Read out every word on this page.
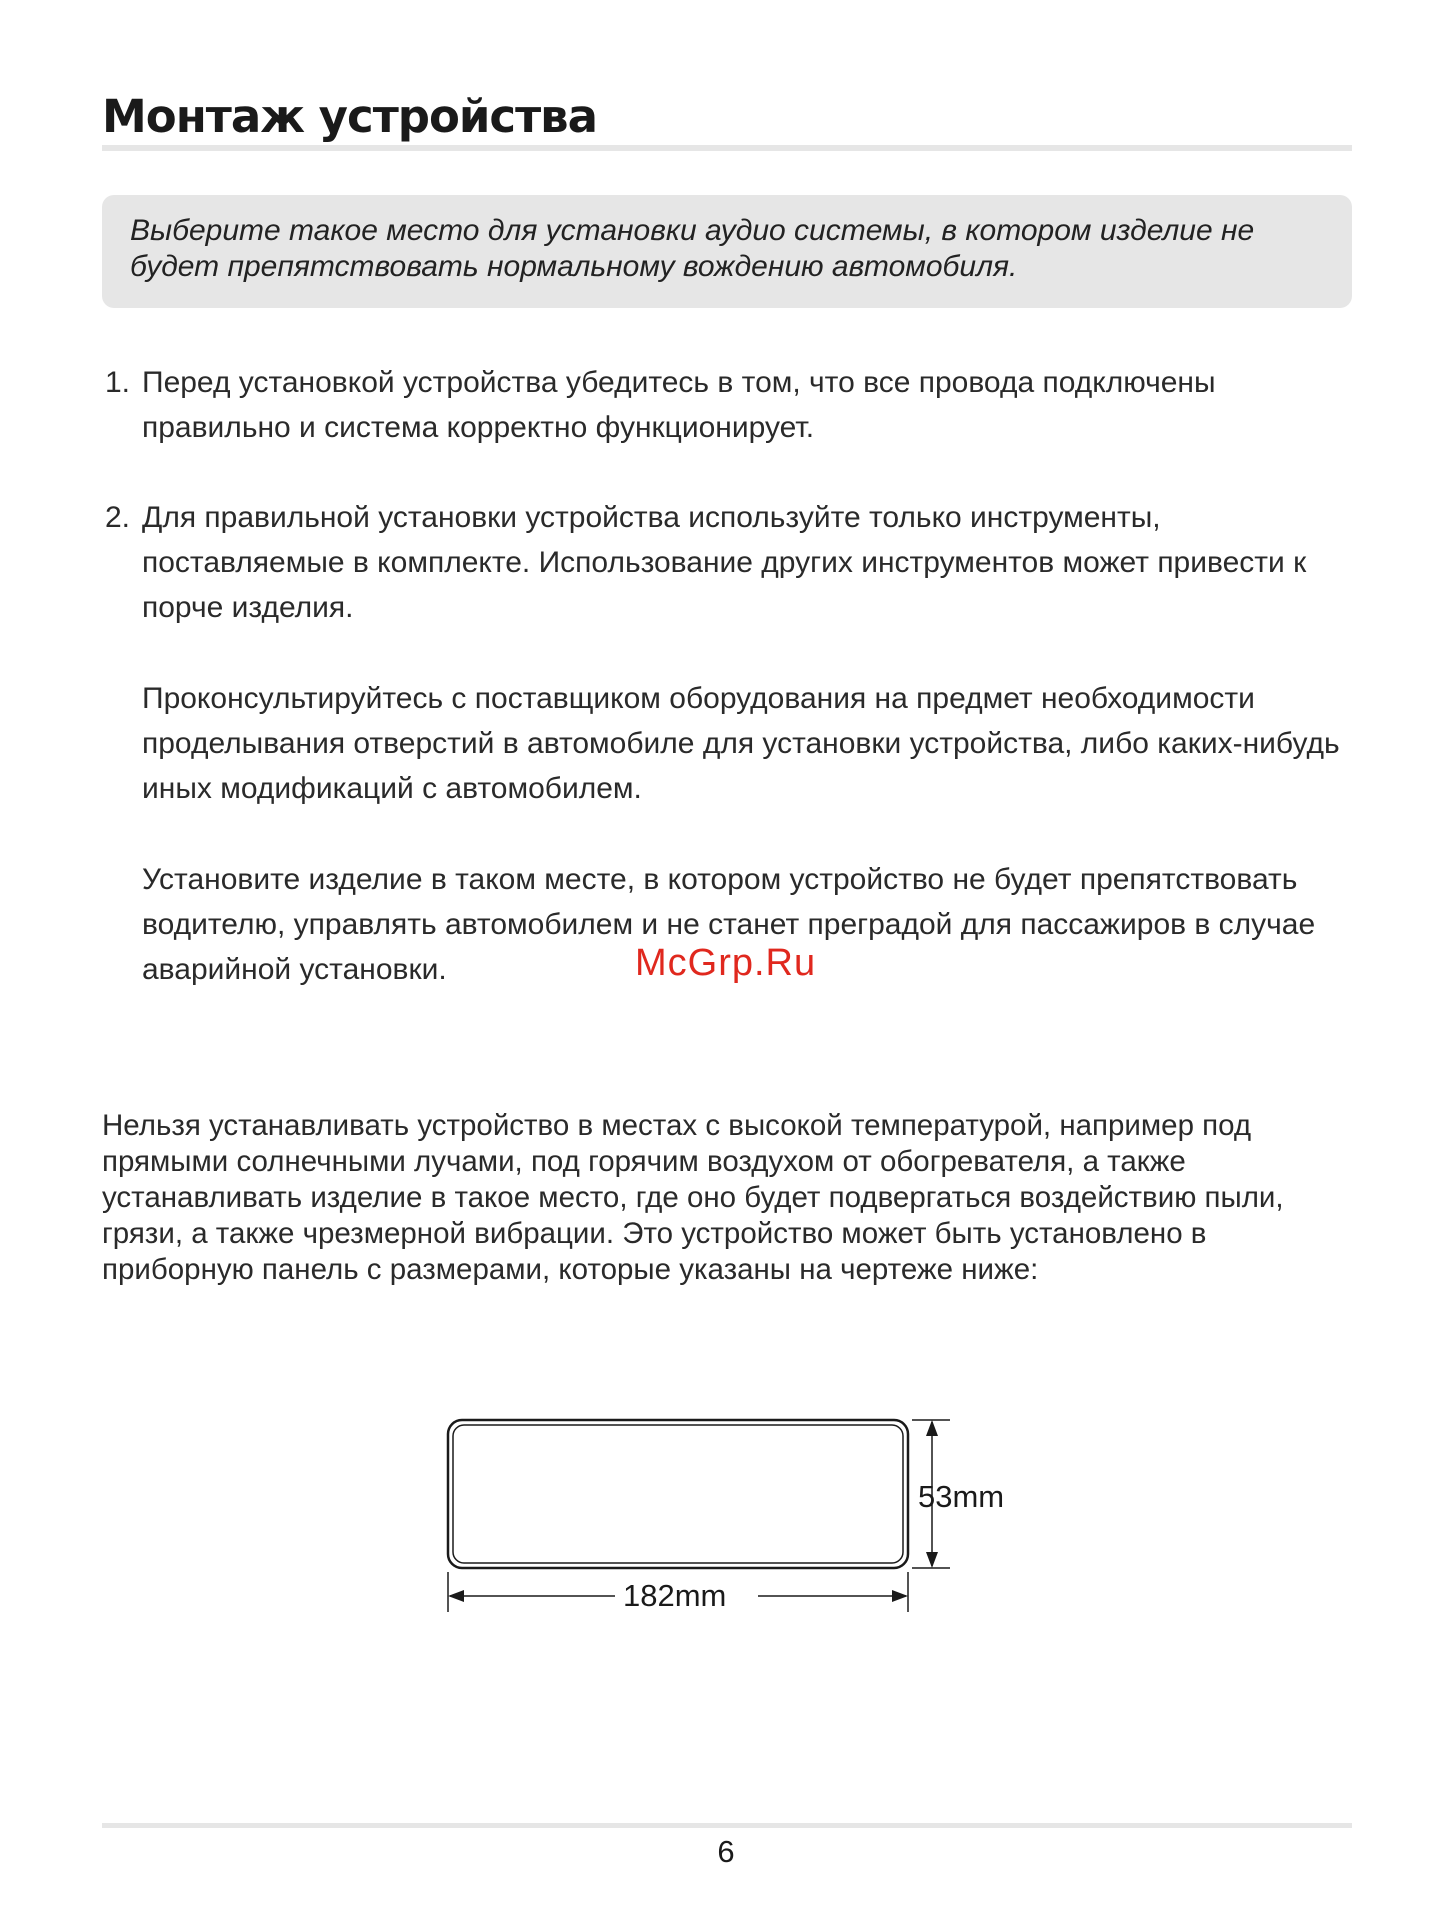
Монтаж устройства

Выберите такое место для установки аудио системы, в котором изделие не будет препятствовать нормальному вождению автомобиля.

1. Перед установкой устройства убедитесь в том, что все провода подключены правильно и система корректно функционирует.
2. Для правильной установки устройства используйте только инструменты, поставляемые в комплекте. Использование других инструментов может привести к порче изделия.

Проконсультируйтесь с поставщиком оборудования на предмет необходимости проделывания отверстий в автомобиле для установки устройства, либо каких-нибудь иных модификаций с автомобилем.

Установите изделие в таком месте, в котором устройство не будет препятствовать водителю, управлять автомобилем и не станет преградой для пассажиров в случае аварийной установки.	McGrp.Ru

Нельзя устанавливать устройство в местах с высокой температурой, например под прямыми солнечными лучами, под горячим воздухом от обогревателя, а также устанавливать изделие в такое место, где оно будет подвергаться воздействию пыли, грязи, а также чрезмерной вибрации. Это устройство может быть установлено в приборную панель с размерами, которые указаны на чертеже ниже:

53mm
182mm
6
